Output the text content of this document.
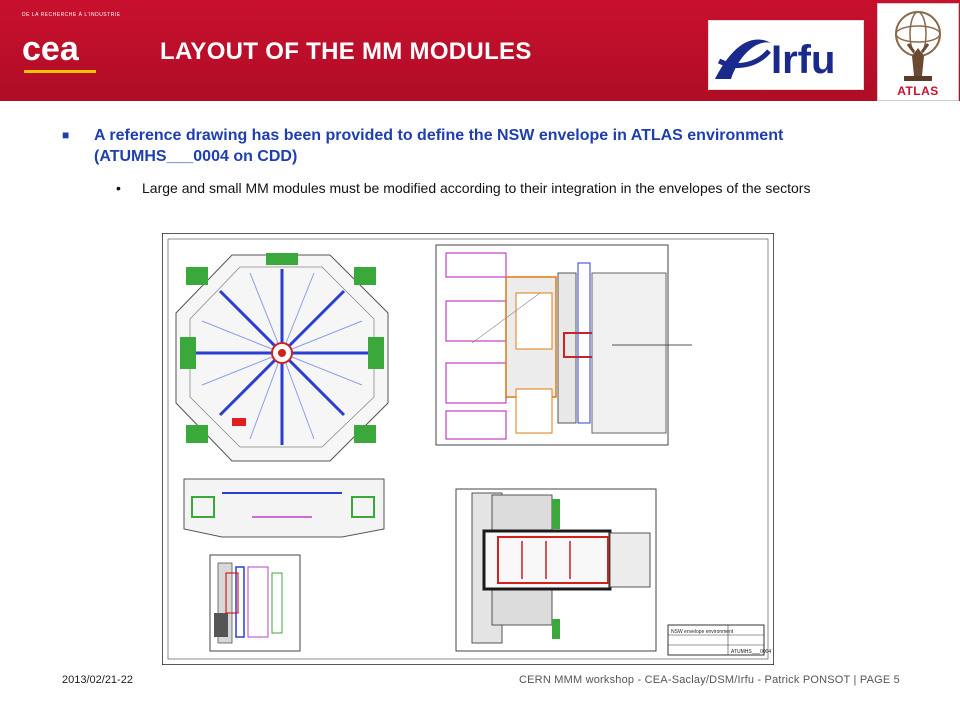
DE LA RECHERCHE À L'INDUSTRIE
cea	LAYOUT OF THE MM MODULES	Irfu
ATLAS
■ A reference drawing has been provided to define the NSW envelope in ATLAS environment (ATUMHS___0004 on CDD)
• Large and small MM modules must be modified according to their integration in the envelopes of the sectors
NSW envelope environment
ATUMHS___0004
2013/02/21-22	CERN MMM workshop - CEA-Saclay/DSM/Irfu - Patrick PONSOT | PAGE 5
